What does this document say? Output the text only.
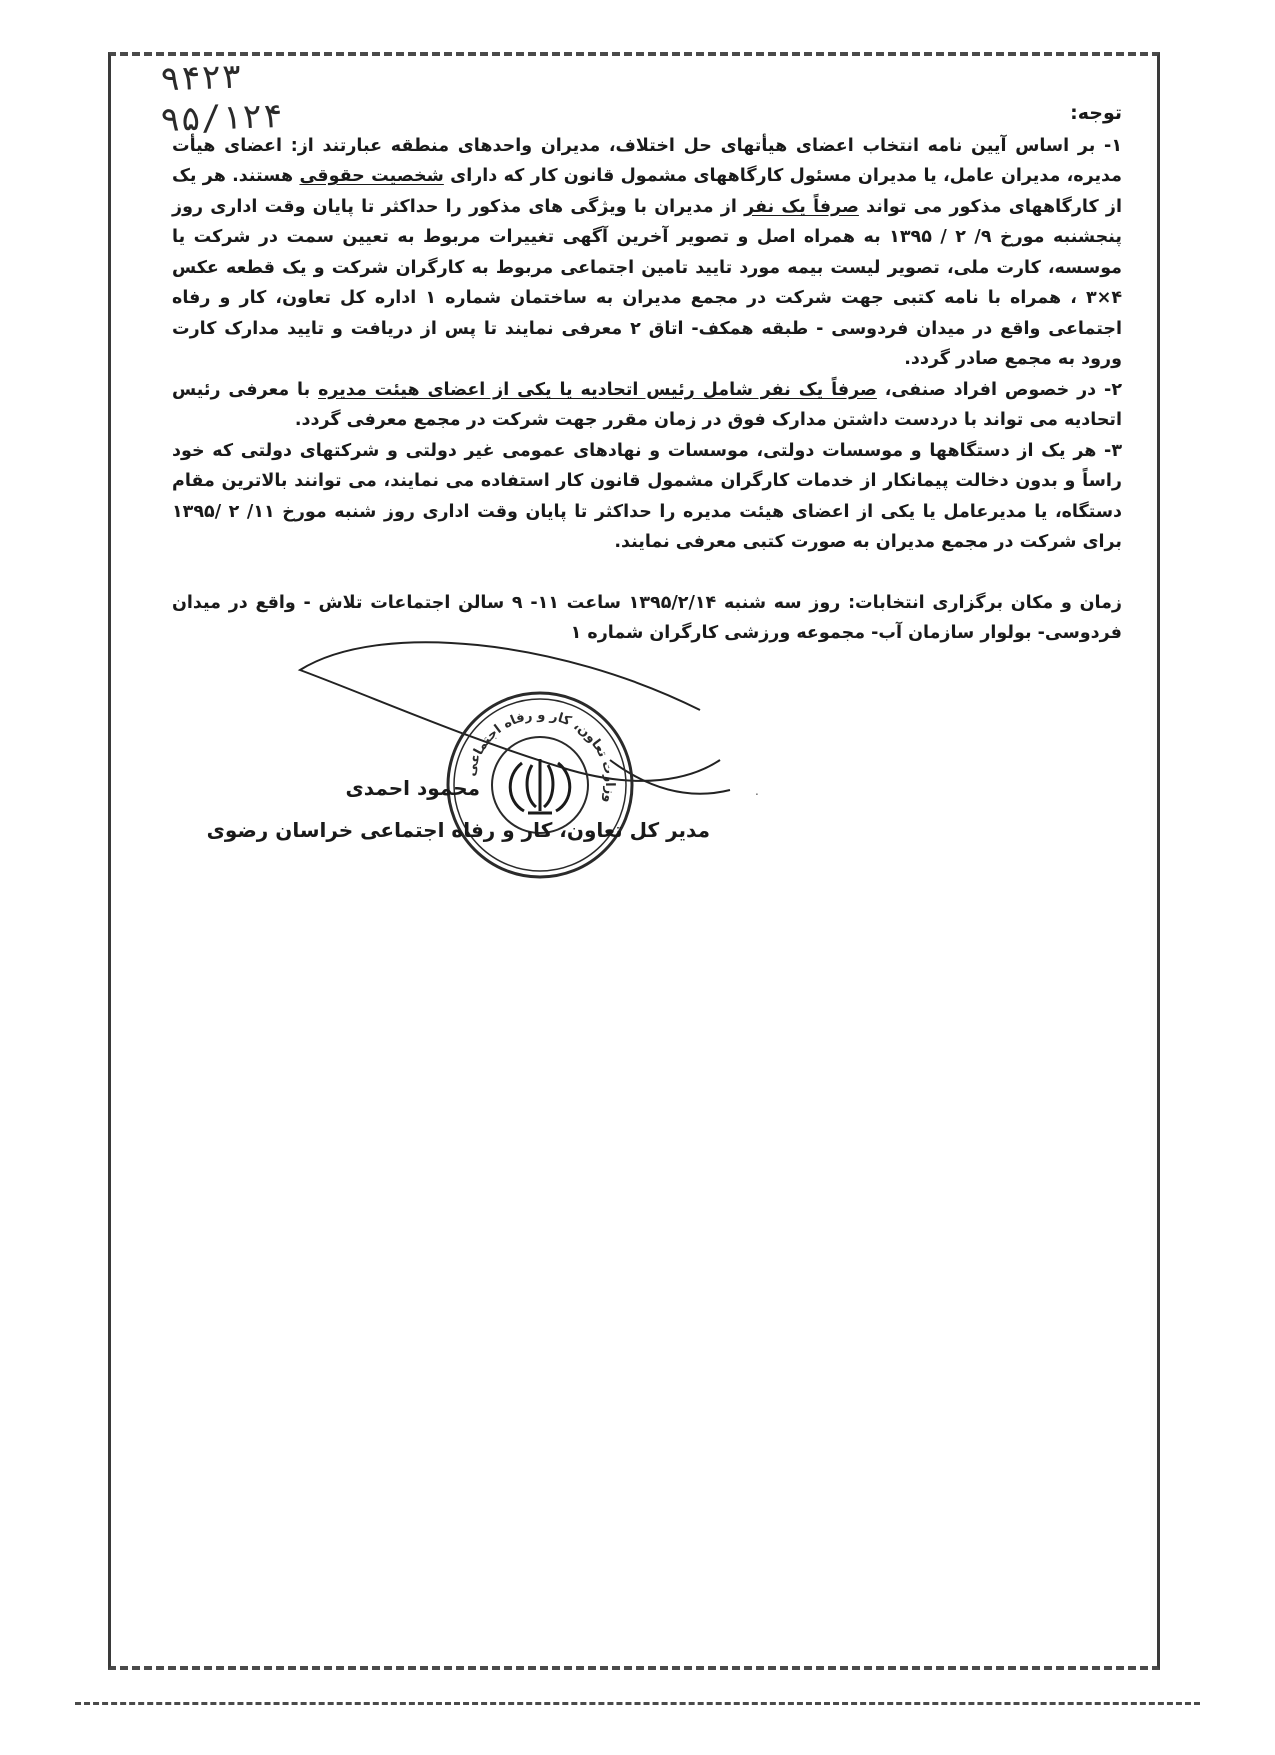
۹۴۲۳
۹۵/۱۲۴	توجه:

۱- بر اساس آیین نامه انتخاب اعضای هیأتهای حل اختلاف، مدیران واحدهای منطقه عبارتند از: اعضای هیأت مدیره، مدیران عامل، یا مدیران مسئول کارگاههای مشمول قانون کار که دارای شخصیت حقوقی هستند. هر یک از کارگاههای مذکور می تواند صرفاً یک نفر از مدیران با ویژگی های مذکور را حداکثر تا پایان وقت اداری روز پنجشنبه مورخ ۹/ ۲ / ۱۳۹۵ به همراه اصل و تصویر آخرین آگهی تغییرات مربوط به تعیین سمت در شرکت یا موسسه، کارت ملی، تصویر لیست بیمه مورد تایید تامین اجتماعی مربوط به کارگران شرکت و یک قطعه عکس ۴×۳ ، همراه با نامه کتبی جهت شرکت در مجمع مدیران به ساختمان شماره ۱ اداره کل تعاون، کار و رفاه اجتماعی واقع در میدان فردوسی - طبقه همکف- اتاق ۲ معرفی نمایند تا پس از دریافت و تایید مدارک کارت ورود به مجمع صادر گردد.

۲- در خصوص افراد صنفی، صرفاً یک نفر شامل رئیس اتحادیه یا یکی از اعضای هیئت مدیره با معرفی رئیس اتحادیه می تواند با دردست داشتن مدارک فوق در زمان مقرر جهت شرکت در مجمع معرفی گردد.

۳- هر یک از دستگاهها و موسسات دولتی، موسسات و نهادهای عمومی غیر دولتی و شرکتهای دولتی که خود راساً و بدون دخالت پیمانکار از خدمات کارگران مشمول قانون کار استفاده می نمایند، می توانند بالاترین مقام دستگاه، یا مدیرعامل یا یکی از اعضای هیئت مدیره را حداکثر تا پایان وقت اداری روز شنبه مورخ ۱۱/ ۲ /۱۳۹۵ برای شرکت در مجمع مدیران به صورت کتبی معرفی نمایند.

زمان و مکان برگزاری انتخابات: روز سه شنبه ۱۳۹۵/۲/۱۴ ساعت ۱۱- ۹ سالن اجتماعات تلاش - واقع در میدان فردوسی- بولوار سازمان آب- مجموعه ورزشی کارگران شماره ۱

وزارت تعاون، کار و رفاه اجتماعی
.
محمود احمدی
مدیر کل تعاون، کار و رفاه اجتماعی خراسان رضوی
